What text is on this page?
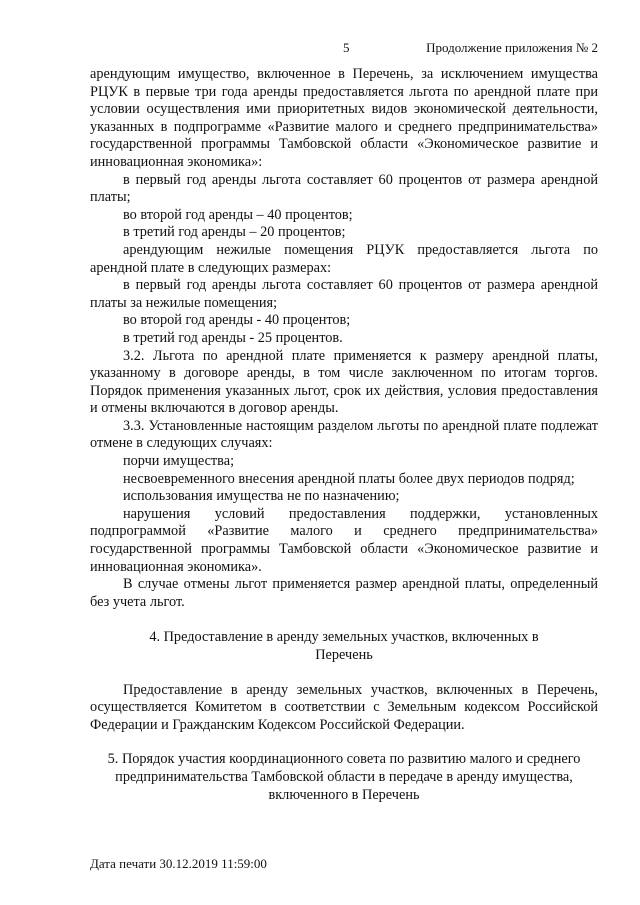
5	Продолжение приложения № 2

арендующим имущество, включенное в Перечень, за исключением имущества РЦУК в первые три года аренды предоставляется льгота по арендной плате при условии осуществления ими приоритетных видов экономической деятельности, указанных в подпрограмме «Развитие малого и среднего предпринимательства» государственной программы Тамбовской области «Экономическое развитие и инновационная экономика»:

в первый год аренды льгота составляет 60 процентов от размера арендной платы;

во второй год аренды – 40 процентов;

в третий год аренды – 20 процентов;

арендующим нежилые помещения РЦУК предоставляется льгота по арендной плате в следующих размерах:

в первый год аренды льгота составляет 60 процентов от размера арендной платы за нежилые помещения;

во второй год аренды - 40 процентов;

в третий год аренды - 25 процентов.

3.2. Льгота по арендной плате применяется к размеру арендной платы, указанному в договоре аренды, в том числе заключенном по итогам торгов. Порядок применения указанных льгот, срок их действия, условия предоставления и отмены включаются в договор аренды.

3.3. Установленные настоящим разделом льготы по арендной плате подлежат отмене в следующих случаях:

порчи имущества;

несвоевременного внесения арендной платы более двух периодов подряд;

использования имущества не по назначению;

нарушения условий предоставления поддержки, установленных подпрограммой «Развитие малого и среднего предпринимательства» государственной программы Тамбовской области «Экономическое развитие и инновационная экономика».

В случае отмены льгот применяется размер арендной платы, определенный без учета льгот.

4. Предоставление в аренду земельных участков, включенных в
Перечень

Предоставление в аренду земельных участков, включенных в Перечень, осуществляется Комитетом в соответствии с Земельным кодексом Российской Федерации и Гражданским Кодексом Российской Федерации.

5. Порядок участия координационного совета по развитию малого и среднего предпринимательства Тамбовской области в передаче в аренду имущества, включенного в Перечень

Дата печати 30.12.2019 11:59:00
